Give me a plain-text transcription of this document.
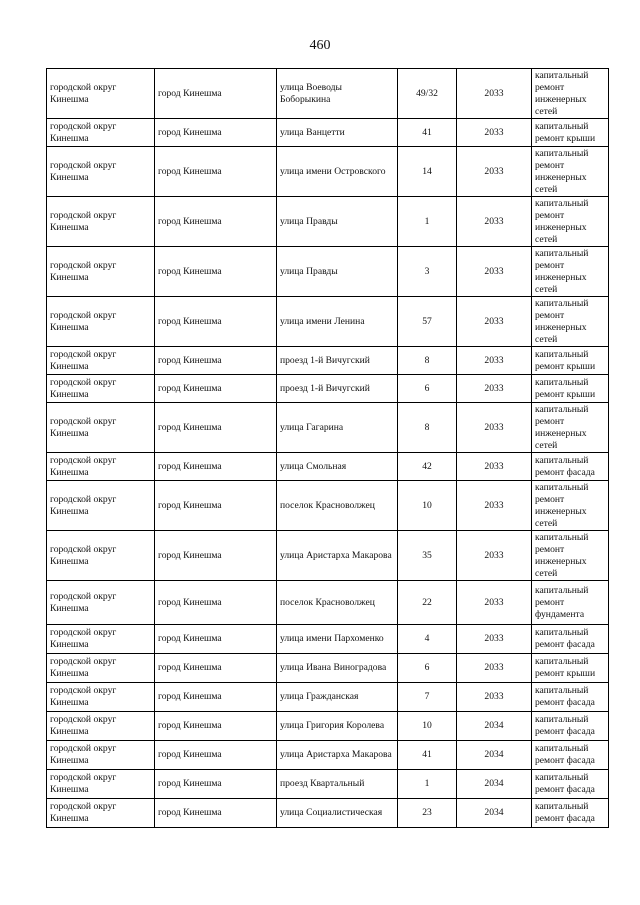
460
городской округ Кинешма	город Кинешма	улица Воеводы Боборыкина	49/32	2033	капитальный ремонт инженерных сетей
городской округ Кинешма	город Кинешма	улица Ванцетти	41	2033	капитальный ремонт крыши
городской округ Кинешма	город Кинешма	улица имени Островского	14	2033	капитальный ремонт инженерных сетей
городской округ Кинешма	город Кинешма	улица Правды	1	2033	капитальный ремонт инженерных сетей
городской округ Кинешма	город Кинешма	улица Правды	3	2033	капитальный ремонт инженерных сетей
городской округ Кинешма	город Кинешма	улица имени Ленина	57	2033	капитальный ремонт инженерных сетей
городской округ Кинешма	город Кинешма	проезд 1-й Вичугский	8	2033	капитальный ремонт крыши
городской округ Кинешма	город Кинешма	проезд 1-й Вичугский	6	2033	капитальный ремонт крыши
городской округ Кинешма	город Кинешма	улица Гагарина	8	2033	капитальный ремонт инженерных сетей
городской округ Кинешма	город Кинешма	улица Смольная	42	2033	капитальный ремонт фасада
городской округ Кинешма	город Кинешма	поселок Красноволжец	10	2033	капитальный ремонт инженерных сетей
городской округ Кинешма	город Кинешма	улица Аристарха Макарова	35	2033	капитальный ремонт инженерных сетей
городской округ Кинешма	город Кинешма	поселок Красноволжец	22	2033	капитальный ремонт фундамента
городской округ Кинешма	город Кинешма	улица имени Пархоменко	4	2033	капитальный ремонт фасада
городской округ Кинешма	город Кинешма	улица Ивана Виноградова	6	2033	капитальный ремонт крыши
городской округ Кинешма	город Кинешма	улица Гражданская	7	2033	капитальный ремонт фасада
городской округ Кинешма	город Кинешма	улица Григория Королева	10	2034	капитальный ремонт фасада
городской округ Кинешма	город Кинешма	улица Аристарха Макарова	41	2034	капитальный ремонт фасада
городской округ Кинешма	город Кинешма	проезд Квартальный	1	2034	капитальный ремонт фасада
городской округ Кинешма	город Кинешма	улица Социалистическая	23	2034	капитальный ремонт фасада
